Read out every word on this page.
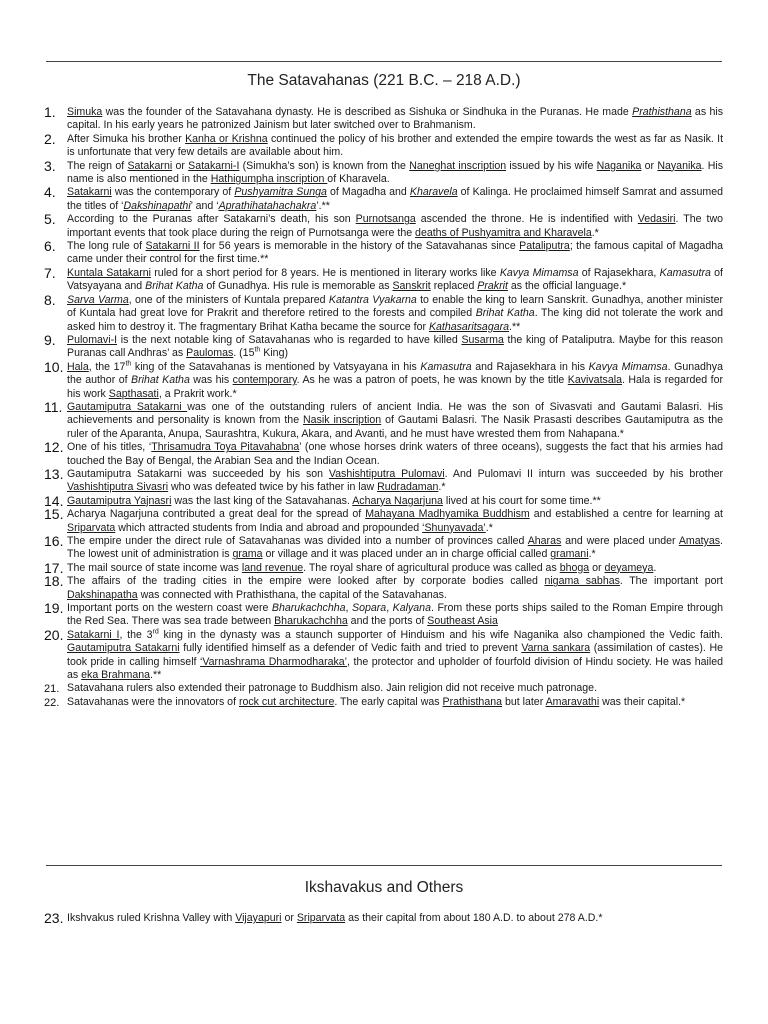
The Satavahanas (221 B.C. – 218 A.D.)
1. Simuka was the founder of the Satavahana dynasty. He is described as Sishuka or Sindhuka in the Puranas. He made Prathisthana as his capital. In his early years he patronized Jainism but later switched over to Brahmanism.
2. After Simuka his brother Kanha or Krishna continued the policy of his brother and extended the empire towards the west as far as Nasik. It is unfortunate that very few details are available about him.
3. The reign of Satakarni or Satakarni-I (Simukha’s son) is known from the Naneghat inscription issued by his wife Naganika or Nayanika. His name is also mentioned in the Hathigumpha inscription of Kharavela.
4. Satakarni was the contemporary of Pushyamitra Sunga of Magadha and Kharavela of Kalinga. He proclaimed himself Samrat and assumed the titles of ‘Dakshinapathi’ and ‘Aprathihatahachakra’.**
5. According to the Puranas after Satakarni’s death, his son Purnotsanga ascended the throne. He is indentified with Vedasiri. The two important events that took place during the reign of Purnotsanga were the deaths of Pushyamitra and Kharavela.*
6. The long rule of Satakarni II for 56 years is memorable in the history of the Satavahanas since Pataliputra; the famous capital of Magadha came under their control for the first time.**
7. Kuntala Satakarni ruled for a short period for 8 years. He is mentioned in literary works like Kavya Mimamsa of Rajasekhara, Kamasutra of Vatsyayana and Brihat Katha of Gunadhya. His rule is memorable as Sanskrit replaced Prakrit as the official language.*
8. Sarva Varma, one of the ministers of Kuntala prepared Katantra Vyakarna to enable the king to learn Sanskrit. Gunadhya, another minister of Kuntala had great love for Prakrit and therefore retired to the forests and compiled Brihat Katha. The king did not tolerate the work and asked him to destroy it. The fragmentary Brihat Katha became the source for Kathasaritsagara.**
9. Pulomavi-I is the next notable king of Satavahanas who is regarded to have killed Susarma the king of Pataliputra. Maybe for this reason Puranas call Andhras’ as Paulomas. (15th King)
10. Hala, the 17th king of the Satavahanas is mentioned by Vatsyayana in his Kamasutra and Rajasekhara in his Kavya Mimamsa. Gunadhya the author of Brihat Katha was his contemporary. As he was a patron of poets, he was known by the title Kavivatsala. Hala is regarded for his work Sapthasati, a Prakrit work.*
11. Gautamiputra Satakarni was one of the outstanding rulers of ancient India. He was the son of Sivasvati and Gautami Balasri. His achievements and personality is known from the Nasik inscription of Gautami Balasri. The Nasik Prasasti describes Gautamiputra as the ruler of the Aparanta, Anupa, Saurashtra, Kukura, Akara, and Avanti, and he must have wrested them from Nahapana.*
12. One of his titles, ‘Thrisamudra Toya Pitavahabna’ (one whose horses drink waters of three oceans), suggests the fact that his armies had touched the Bay of Bengal, the Arabian Sea and the Indian Ocean.
13. Gautamiputra Satakarni was succeeded by his son Vashishtiputra Pulomavi. And Pulomavi II inturn was succeeded by his brother Vashishtiputra Sivasri who was defeated twice by his father in law Rudradaman.*
14. Gautamiputra Yajnasri was the last king of the Satavahanas. Acharya Nagarjuna lived at his court for some time.**
15. Acharya Nagarjuna contributed a great deal for the spread of Mahayana Madhyamika Buddhism and established a centre for learning at Sriparvata which attracted students from India and abroad and propounded ‘Shunyavada’.*
16. The empire under the direct rule of Satavahanas was divided into a number of provinces called Aharas and were placed under Amatyas. The lowest unit of administration is grama or village and it was placed under an in charge official called gramani.*
17. The mail source of state income was land revenue. The royal share of agricultural produce was called as bhoga or deyameya.
18. The affairs of the trading cities in the empire were looked after by corporate bodies called nigama sabhas. The important port Dakshinapatha was connected with Prathisthana, the capital of the Satavahanas.
19. Important ports on the western coast were Bharukachchha, Sopara, Kalyana. From these ports ships sailed to the Roman Empire through the Red Sea. There was sea trade between Bharukachchha and the ports of Southeast Asia
20. Satakarni I, the 3rd king in the dynasty was a staunch supporter of Hinduism and his wife Naganika also championed the Vedic faith. Gautamiputra Satakarni fully identified himself as a defender of Vedic faith and tried to prevent Varna sankara (assimilation of castes). He took pride in calling himself ‘Varnashrama Dharmodharaka’, the protector and upholder of fourfold division of Hindu society. He was hailed as eka Brahmana.**
21. Satavahana rulers also extended their patronage to Buddhism also. Jain religion did not receive much patronage.
22. Satavahanas were the innovators of rock cut architecture. The early capital was Prathisthana but later Amaravathi was their capital.*
Ikshavakus and Others
23. Ikshvakus ruled Krishna Valley with Vijayapuri or Sriparvata as their capital from about 180 A.D. to about 278 A.D.*
